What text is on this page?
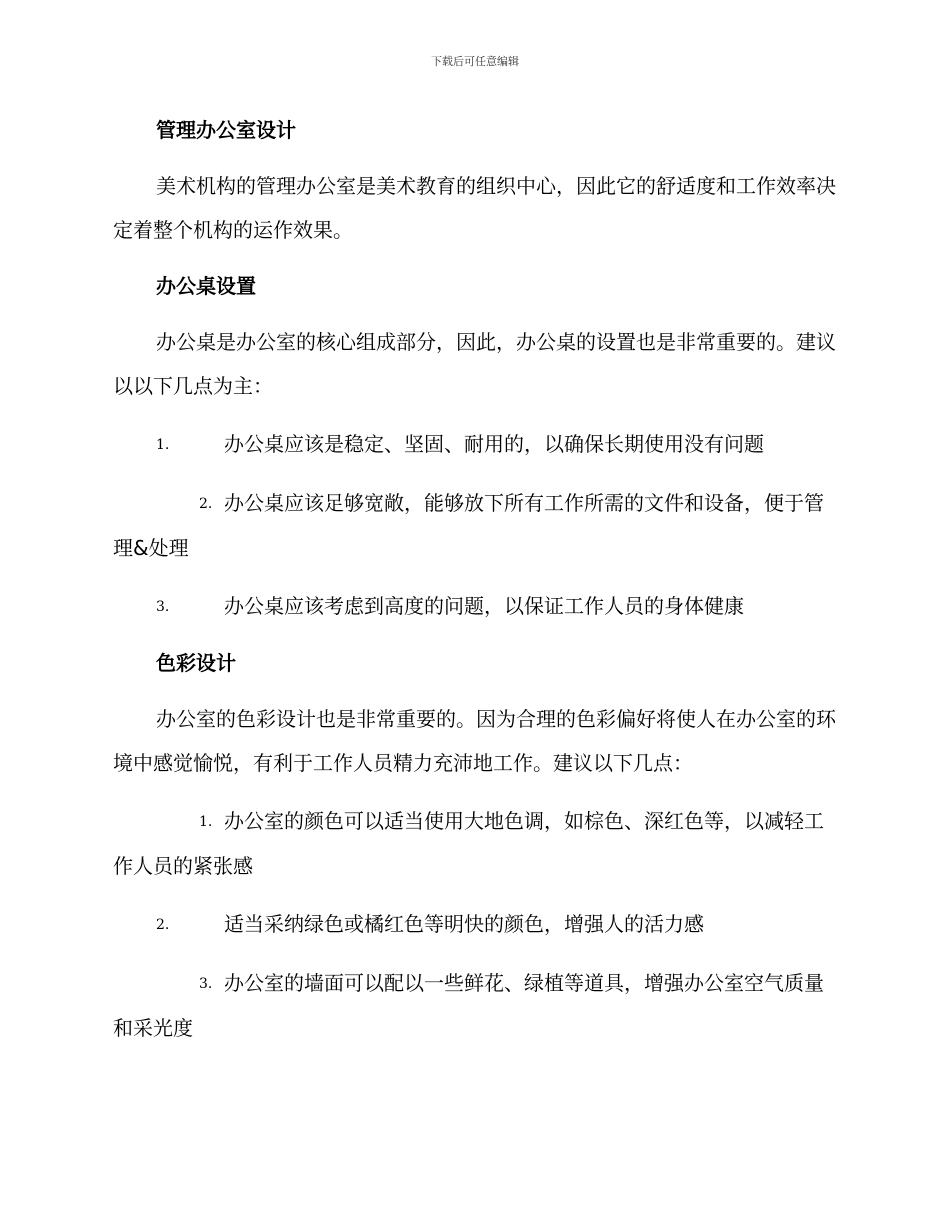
下载后可任意编辑
管理办公室设计

美术机构的管理办公室是美术教育的组织中心，因此它的舒适度和工作效率决定着整个机构的运作效果。

办公桌设置

办公桌是办公室的核心组成部分，因此，办公桌的设置也是非常重要的。建议以以下几点为主：

1.	办公桌应该是稳定、坚固、耐用的，以确保长期使用没有问题

2. 办公桌应该足够宽敞，能够放下所有工作所需的文件和设备，便于管理&处理

3.	办公桌应该考虑到高度的问题，以保证工作人员的身体健康

色彩设计

办公室的色彩设计也是非常重要的。因为合理的色彩偏好将使人在办公室的环境中感觉愉悦，有利于工作人员精力充沛地工作。建议以下几点：

1. 办公室的颜色可以适当使用大地色调，如棕色、深红色等，以减轻工作人员的紧张感

2.	适当采纳绿色或橘红色等明快的颜色，增强人的活力感

3. 办公室的墙面可以配以一些鲜花、绿植等道具，增强办公室空气质量和采光度
